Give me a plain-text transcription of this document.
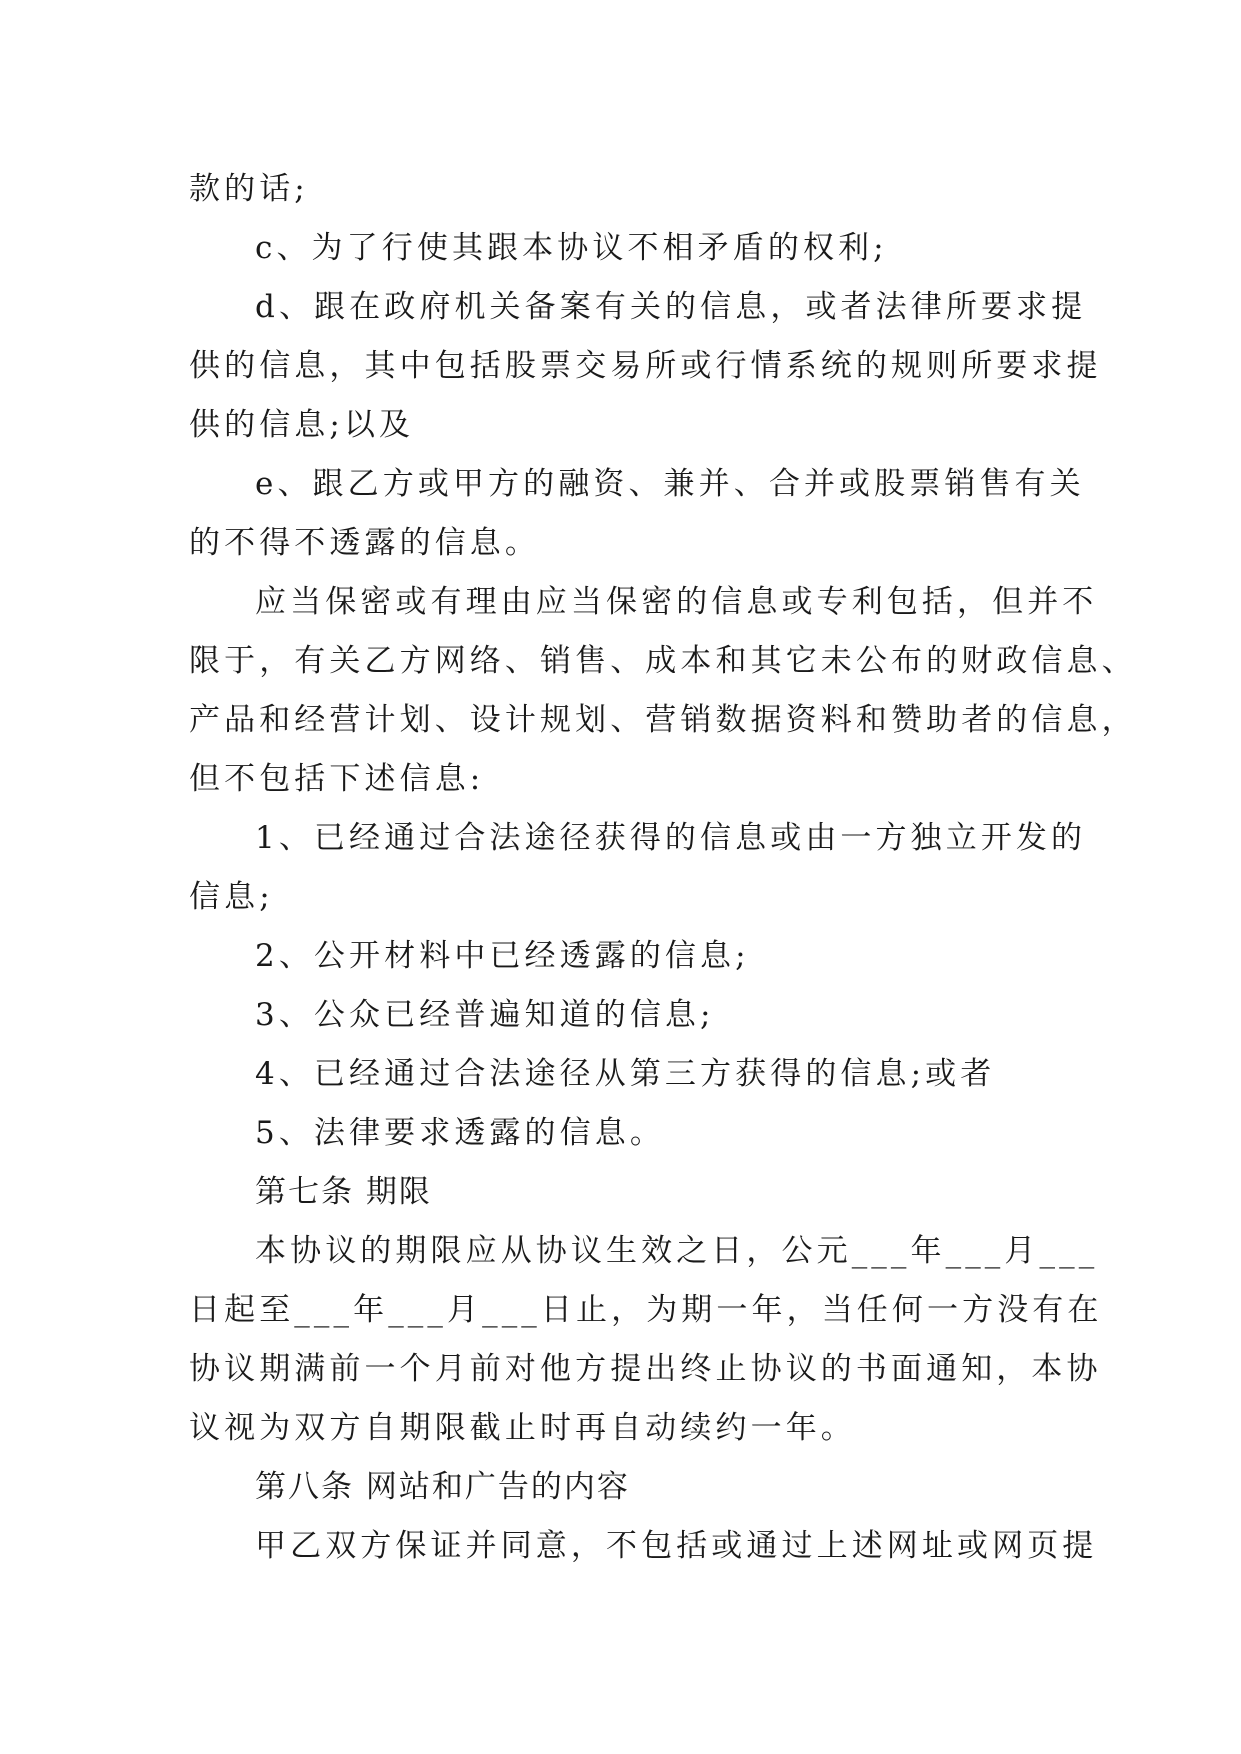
款的话;
c、为了行使其跟本协议不相矛盾的权利;
d、跟在政府机关备案有关的信息，或者法律所要求提
供的信息，其中包括股票交易所或行情系统的规则所要求提
供的信息;以及
e、跟乙方或甲方的融资、兼并、合并或股票销售有关
的不得不透露的信息。
应当保密或有理由应当保密的信息或专利包括，但并不
限于，有关乙方网络、销售、成本和其它未公布的财政信息、
产品和经营计划、设计规划、营销数据资料和赞助者的信息，
但不包括下述信息:
1、已经通过合法途径获得的信息或由一方独立开发的
信息;
2、公开材料中已经透露的信息;
3、公众已经普遍知道的信息;
4、已经通过合法途径从第三方获得的信息;或者
5、法律要求透露的信息。
第七条 期限
本协议的期限应从协议生效之日，公元___年___月___
日起至___年___月___日止，为期一年，当任何一方没有在
协议期满前一个月前对他方提出终止协议的书面通知，本协
议视为双方自期限截止时再自动续约一年。
第八条 网站和广告的内容
甲乙双方保证并同意，不包括或通过上述网址或网页提
